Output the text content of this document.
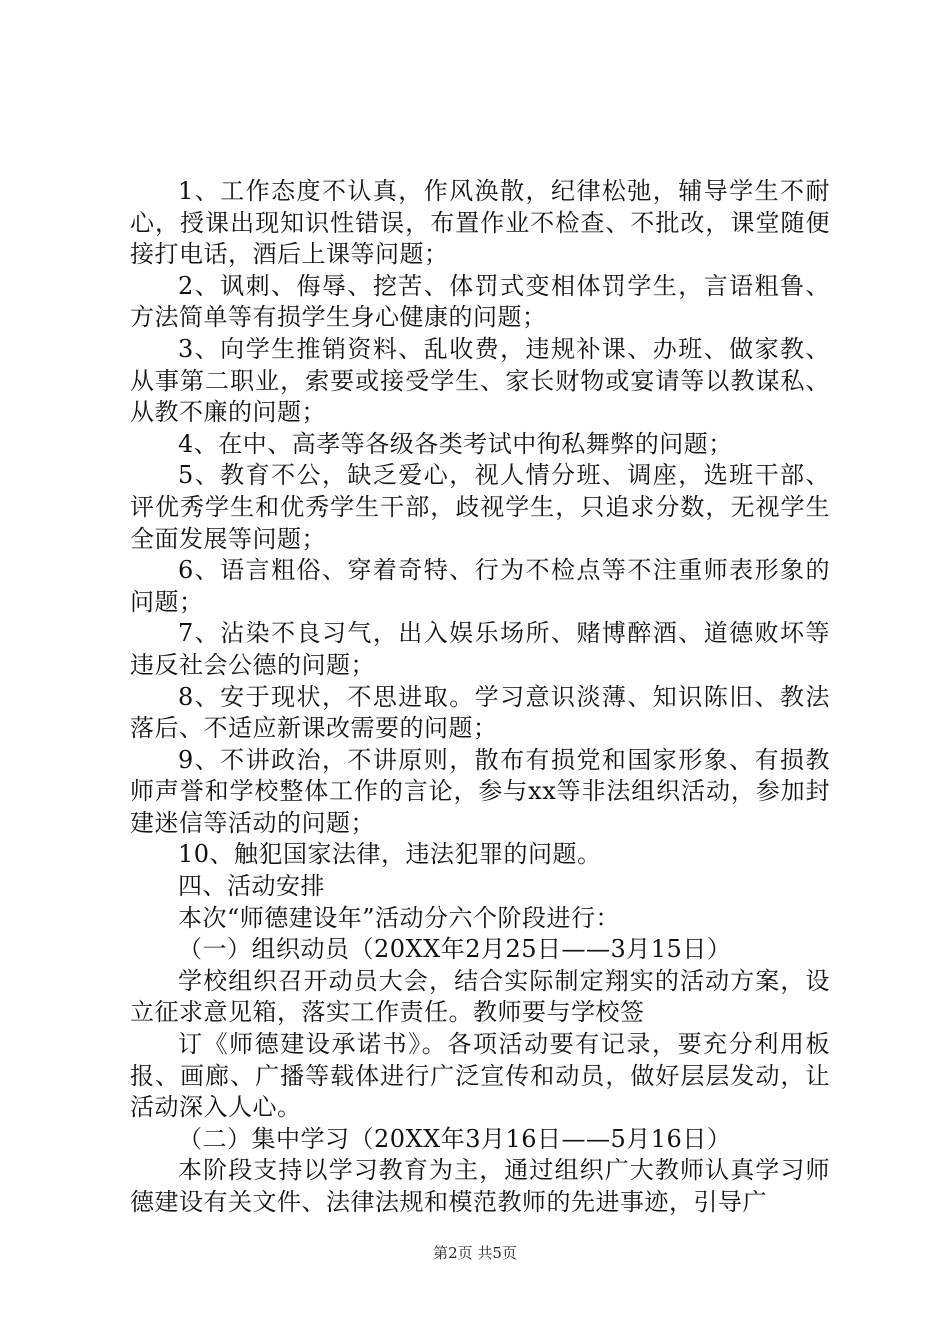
1、工作态度不认真，作风涣散，纪律松弛，辅导学生不耐心，授课出现知识性错误，布置作业不检查、不批改，课堂随便接打电话，酒后上课等问题；

2、讽刺、侮辱、挖苦、体罚式变相体罚学生，言语粗鲁、方法简单等有损学生身心健康的问题；

3、向学生推销资料、乱收费，违规补课、办班、做家教、从事第二职业，索要或接受学生、家长财物或宴请等以教谋私、从教不廉的问题；

4、在中、高孝等各级各类考试中徇私舞弊的问题；

5、教育不公，缺乏爱心，视人情分班、调座，选班干部、评优秀学生和优秀学生干部，歧视学生，只追求分数，无视学生全面发展等问题；

6、语言粗俗、穿着奇特、行为不检点等不注重师表形象的问题；

7、沾染不良习气，出入娱乐场所、赌博醉酒、道德败坏等违反社会公德的问题；

8、安于现状，不思进取。学习意识淡薄、知识陈旧、教法落后、不适应新课改需要的问题；

9、不讲政治，不讲原则，散布有损党和国家形象、有损教师声誉和学校整体工作的言论，参与xx等非法组织活动，参加封建迷信等活动的问题；

10、触犯国家法律，违法犯罪的问题。

四、活动安排

本次“师德建设年”活动分六个阶段进行：

（一）组织动员（20XX年2月25日——3月15日）

学校组织召开动员大会，结合实际制定翔实的活动方案，设立征求意见箱，落实工作责任。教师要与学校签

订《师德建设承诺书》。各项活动要有记录，要充分利用板报、画廊、广播等载体进行广泛宣传和动员，做好层层发动，让活动深入人心。

（二）集中学习（20XX年3月16日——5月16日）

本阶段支持以学习教育为主，通过组织广大教师认真学习师德建设有关文件、法律法规和模范教师的先进事迹，引导广

第2页 共5页
